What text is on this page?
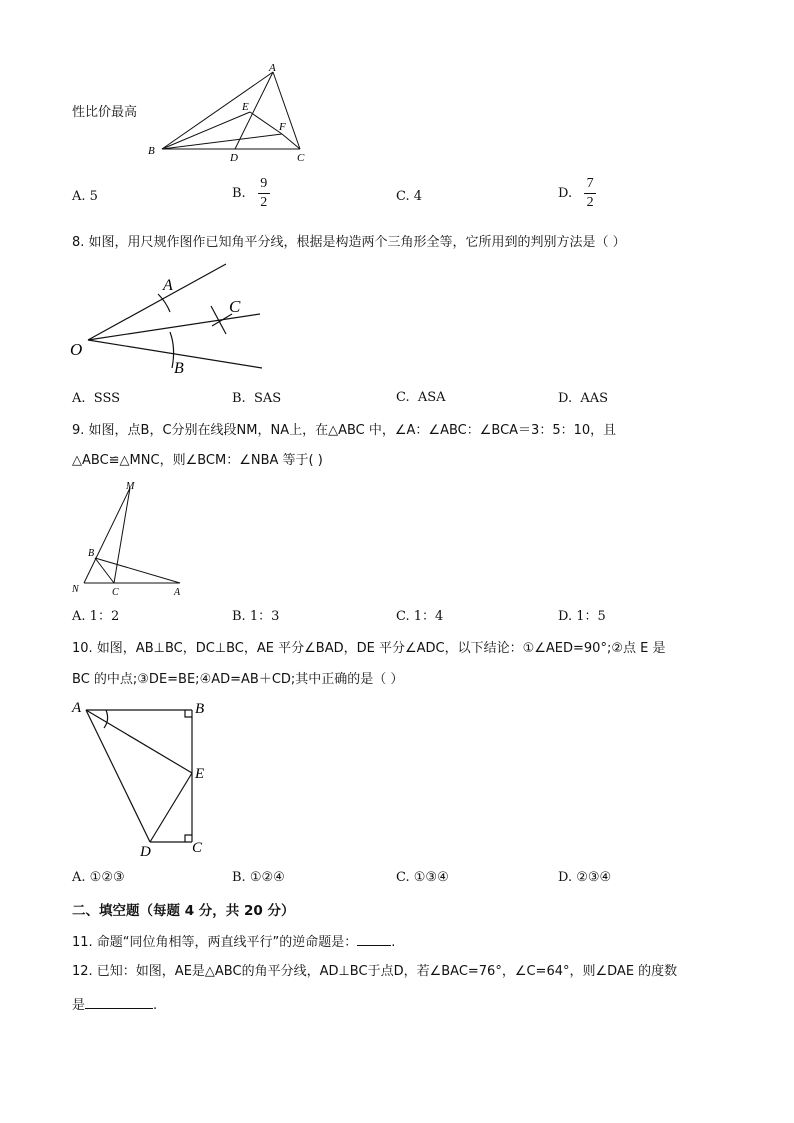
性比价最高
A
B
C
D
E
F
A. 5	B. $\frac{9}{2}$	C. 4	D. $\frac{7}{2}$
8. 如图，用尺规作图作已知角平分线，根据是构造两个三角形全等，它所用到的判别方法是（ ）
O
A
B
C
A. SSS	B. SAS	C. ASA	D. AAS
9. 如图，点B，C分别在线段NM，NA上，在△ABC 中，∠A：∠ABC：∠BCA＝3：5：10，且
△ABC≌△MNC，则∠BCM：∠NBA 等于( )
M
B
N	C	A
A. 1：2	B. 1：3	C. 1：4	D. 1：5
10. 如图，AB⊥BC，DC⊥BC，AE 平分∠BAD，DE 平分∠ADC，以下结论：①∠AED=90°;②点 E 是
BC 的中点;③DE=BE;④AD=AB＋CD;其中正确的是（ ）
A	B
E
D	C
A. ①②③	B. ①②④	C. ①③④	D. ②③④
二、填空题（每题 4 分，共 20 分）
11. 命题“同位角相等，两直线平行”的逆命题是：	.
12. 已知：如图，AE是△ABC的角平分线，AD⊥BC于点D，若∠BAC=76°，∠C=64°，则∠DAE 的度数
是	.
